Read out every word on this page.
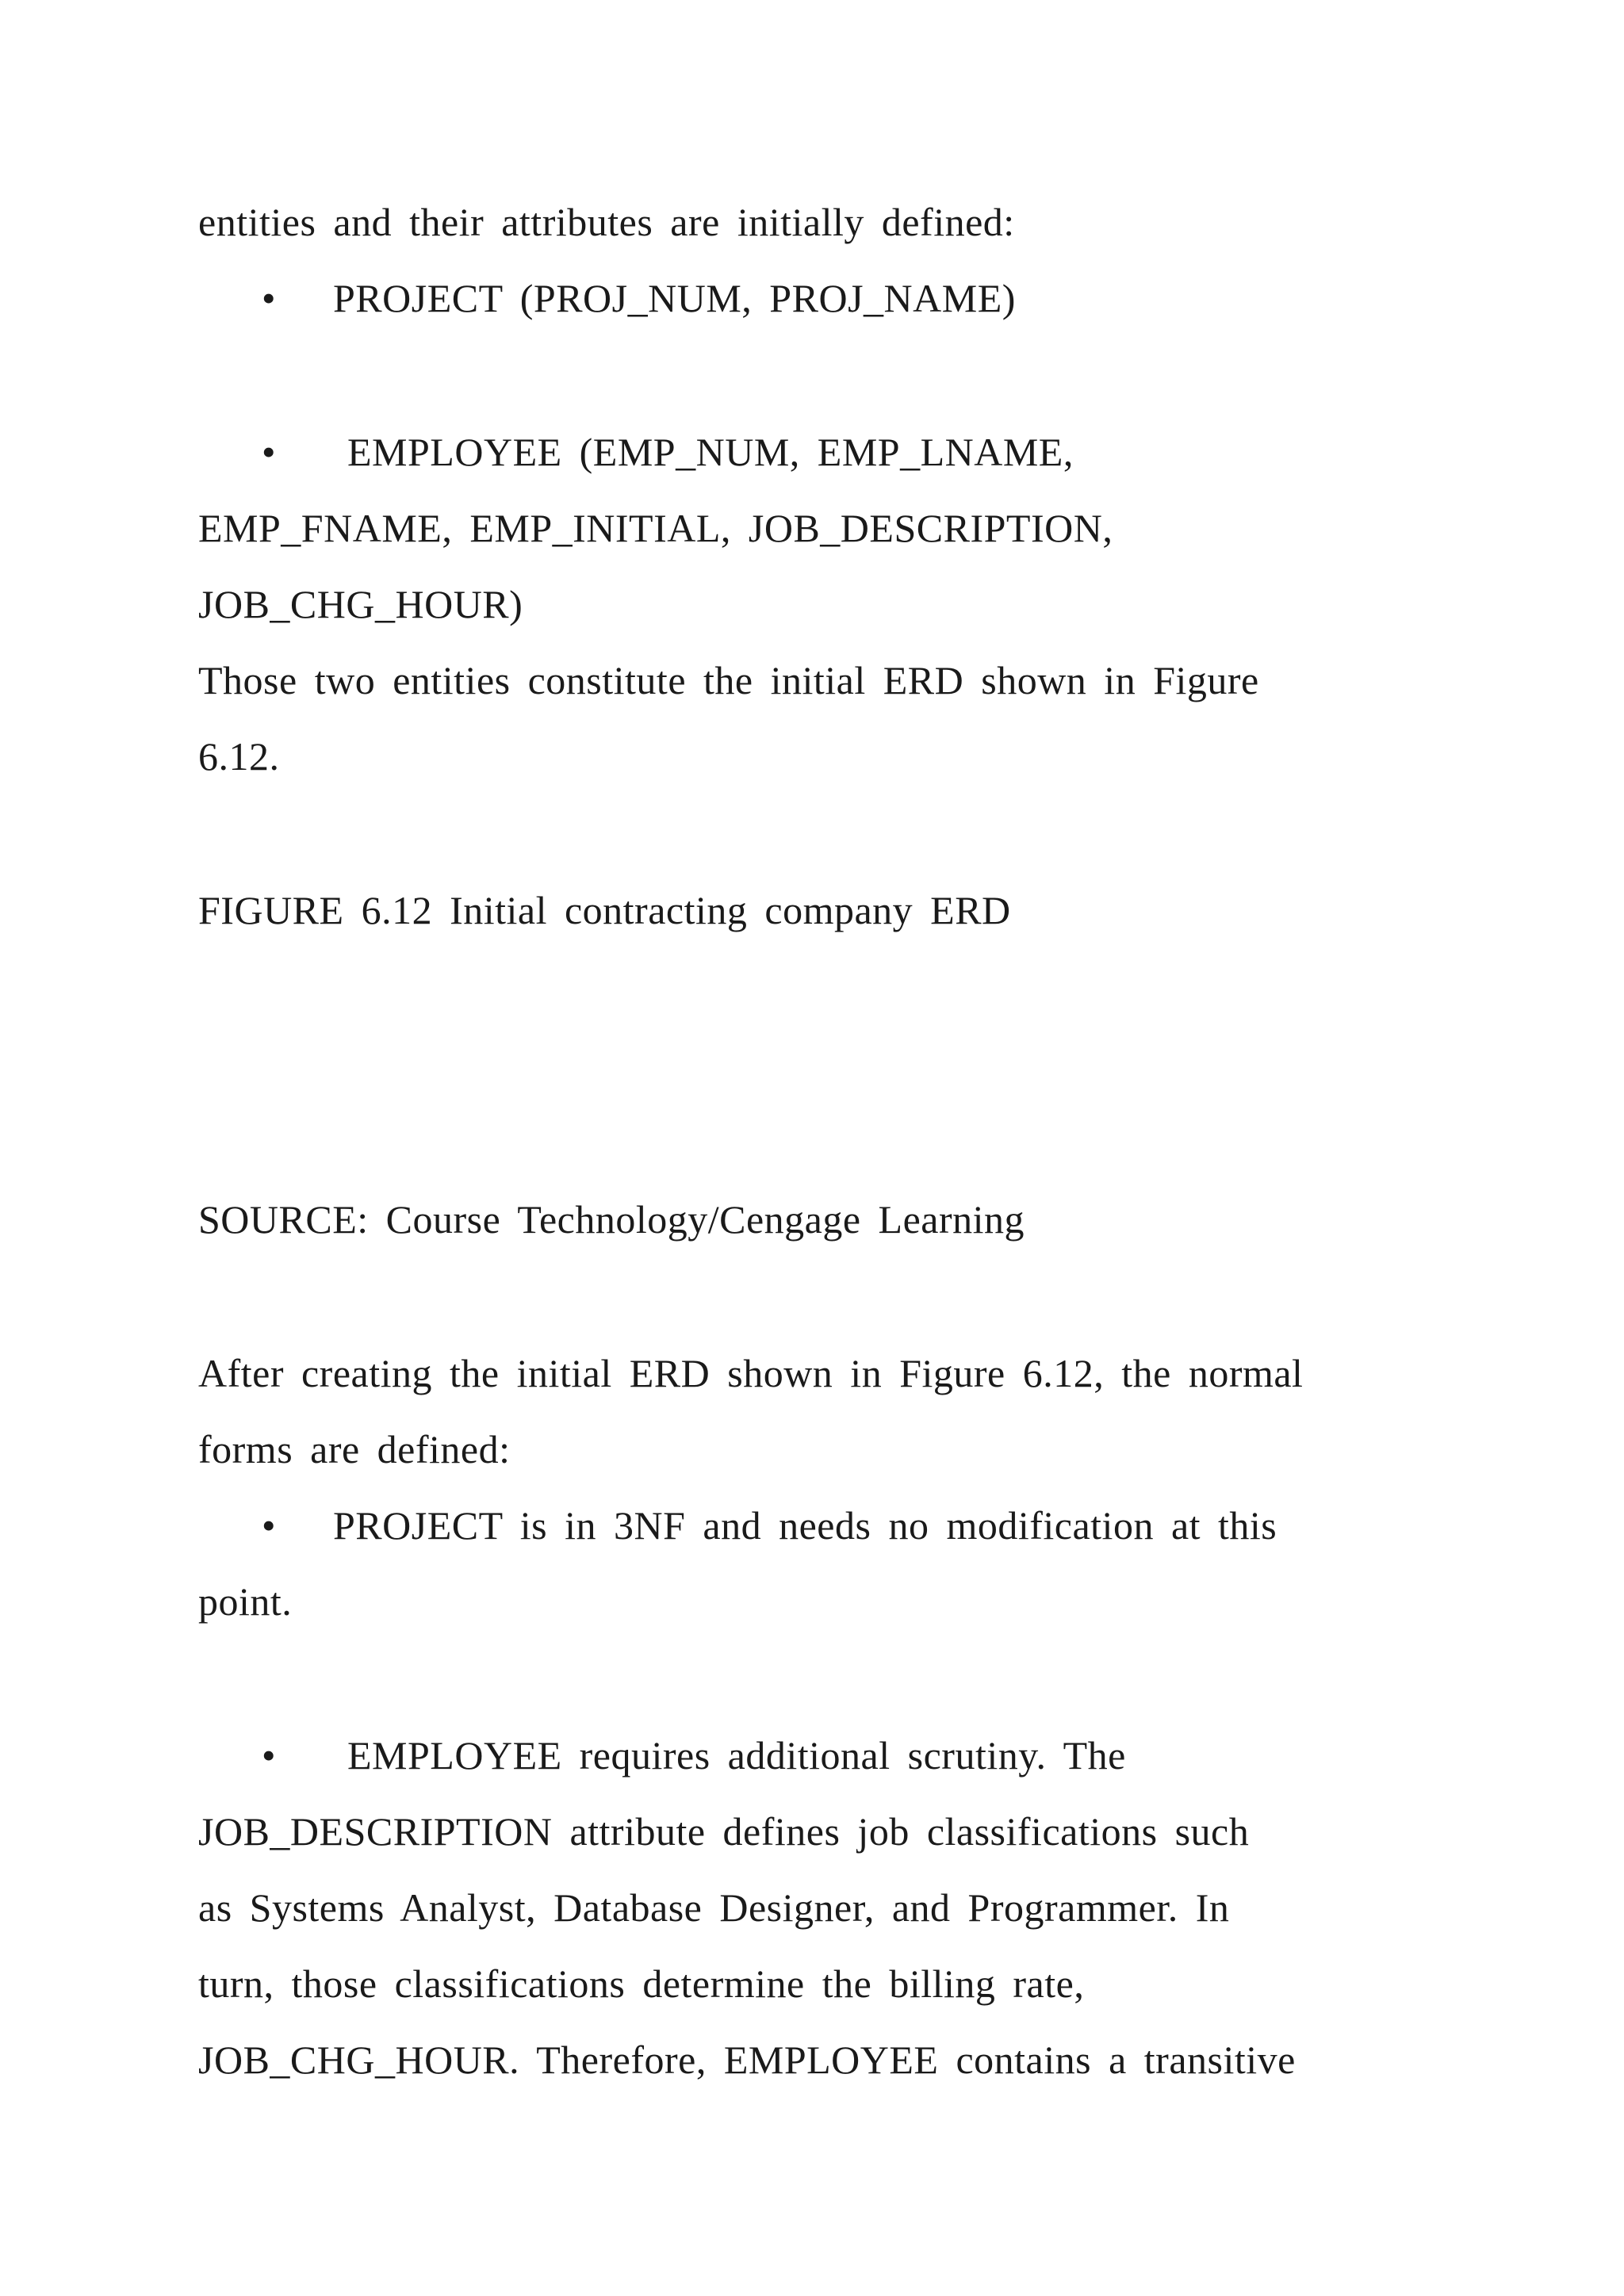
entities and their attributes are initially defined:
• PROJECT (PROJ_NUM, PROJ_NAME)
• EMPLOYEE (EMP_NUM, EMP_LNAME,
EMP_FNAME, EMP_INITIAL, JOB_DESCRIPTION,
JOB_CHG_HOUR)
Those two entities constitute the initial ERD shown in Figure
6.12.
FIGURE 6.12 Initial contracting company ERD
SOURCE: Course Technology/Cengage Learning
After creating the initial ERD shown in Figure 6.12, the normal
forms are defined:
• PROJECT is in 3NF and needs no modification at this
point.
• EMPLOYEE requires additional scrutiny. The
JOB_DESCRIPTION attribute defines job classifications such
as Systems Analyst, Database Designer, and Programmer. In
turn, those classifications determine the billing rate,
JOB_CHG_HOUR. Therefore, EMPLOYEE contains a transitive
